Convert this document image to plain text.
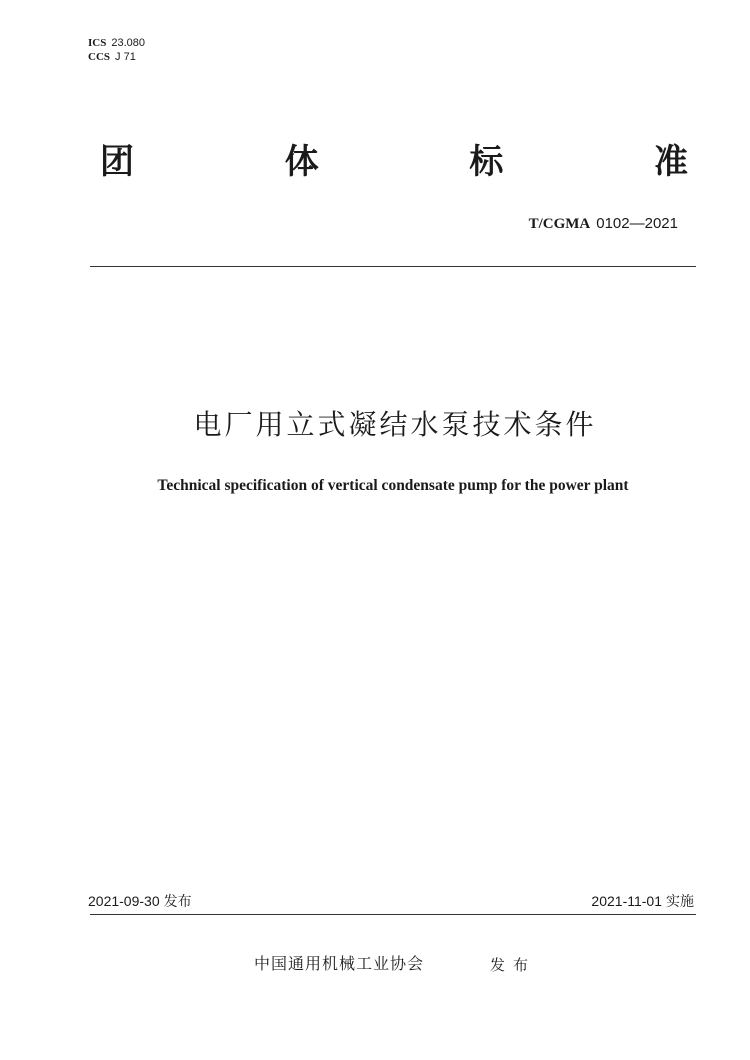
ICS 23.080
CCS J 71
团	体	标	准
T/CGMA 0102—2021
电厂用立式凝结水泵技术条件
Technical specification of vertical condensate pump for the power plant
2021-09-30 发布	2021-11-01 实施
中国通用机械工业协会	发布
